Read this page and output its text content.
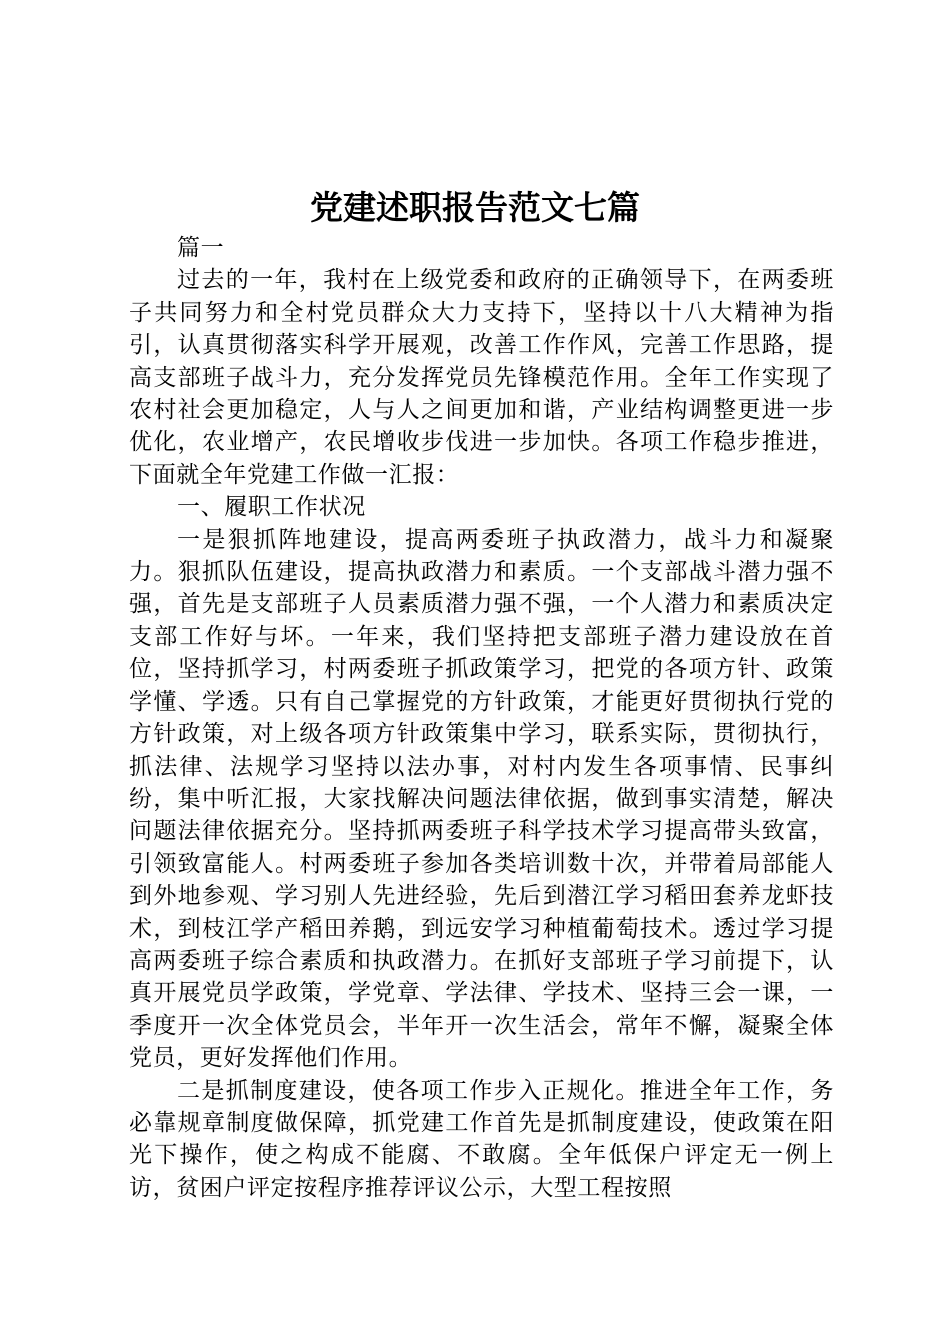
党建述职报告范文七篇

篇一

过去的一年，我村在上级党委和政府的正确领导下，在两委班子共同努力和全村党员群众大力支持下，坚持以十八大精神为指引，认真贯彻落实科学开展观，改善工作作风，完善工作思路，提高支部班子战斗力，充分发挥党员先锋模范作用。全年工作实现了农村社会更加稳定，人与人之间更加和谐，产业结构调整更进一步优化，农业增产，农民增收步伐进一步加快。各项工作稳步推进，下面就全年党建工作做一汇报：

一、履职工作状况

一是狠抓阵地建设，提高两委班子执政潜力，战斗力和凝聚力。狠抓队伍建设，提高执政潜力和素质。一个支部战斗潜力强不强，首先是支部班子人员素质潜力强不强，一个人潜力和素质决定支部工作好与坏。一年来，我们坚持把支部班子潜力建设放在首位，坚持抓学习，村两委班子抓政策学习，把党的各项方针、政策学懂、学透。只有自己掌握党的方针政策，才能更好贯彻执行党的方针政策，对上级各项方针政策集中学习，联系实际，贯彻执行，抓法律、法规学习坚持以法办事，对村内发生各项事情、民事纠纷，集中听汇报，大家找解决问题法律依据，做到事实清楚，解决问题法律依据充分。坚持抓两委班子科学技术学习提高带头致富，引领致富能人。村两委班子参加各类培训数十次，并带着局部能人到外地参观、学习别人先进经验，先后到潜江学习稻田套养龙虾技术，到枝江学产稻田养鹅，到远安学习种植葡萄技术。透过学习提高两委班子综合素质和执政潜力。在抓好支部班子学习前提下，认真开展党员学政策，学党章、学法律、学技术、坚持三会一课，一季度开一次全体党员会，半年开一次生活会，常年不懈，凝聚全体党员，更好发挥他们作用。

二是抓制度建设，使各项工作步入正规化。推进全年工作，务必靠规章制度做保障，抓党建工作首先是抓制度建设，使政策在阳光下操作，使之构成不能腐、不敢腐。全年低保户评定无一例上访，贫困户评定按程序推荐评议公示，大型工程按照
